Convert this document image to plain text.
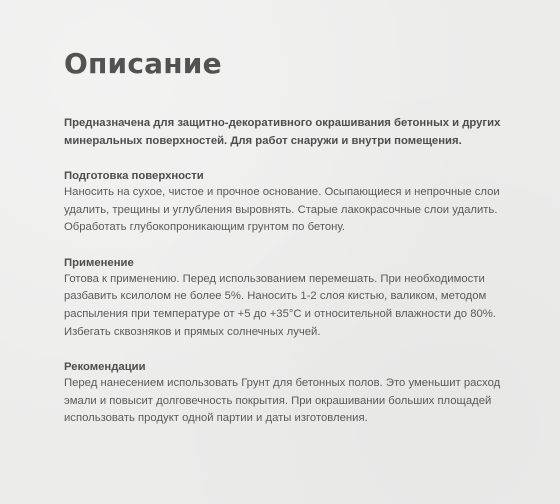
Описание

Предназначена для защитно-декоративного окрашивания бетонных и других минеральных поверхностей. Для работ снаружи и внутри помещения.

Подготовка поверхности

Наносить на сухое, чистое и прочное основание. Осыпающиеся и непрочные слои удалить, трещины и углубления выровнять. Старые лакокрасочные слои удалить. Обработать глубокопроникающим грунтом по бетону.

Применение

Готова к применению. Перед использованием перемешать. При необходимости разбавить ксилолом не более 5%. Наносить 1-2 слоя кистью, валиком, методом распыления при температуре от +5 до +35°C и относительной влажности до 80%. Избегать сквозняков и прямых солнечных лучей.

Рекомендации

Перед нанесением использовать Грунт для бетонных полов. Это уменьшит расход эмали и повысит долговечность покрытия. При окрашивании больших площадей использовать продукт одной партии и даты изготовления.
